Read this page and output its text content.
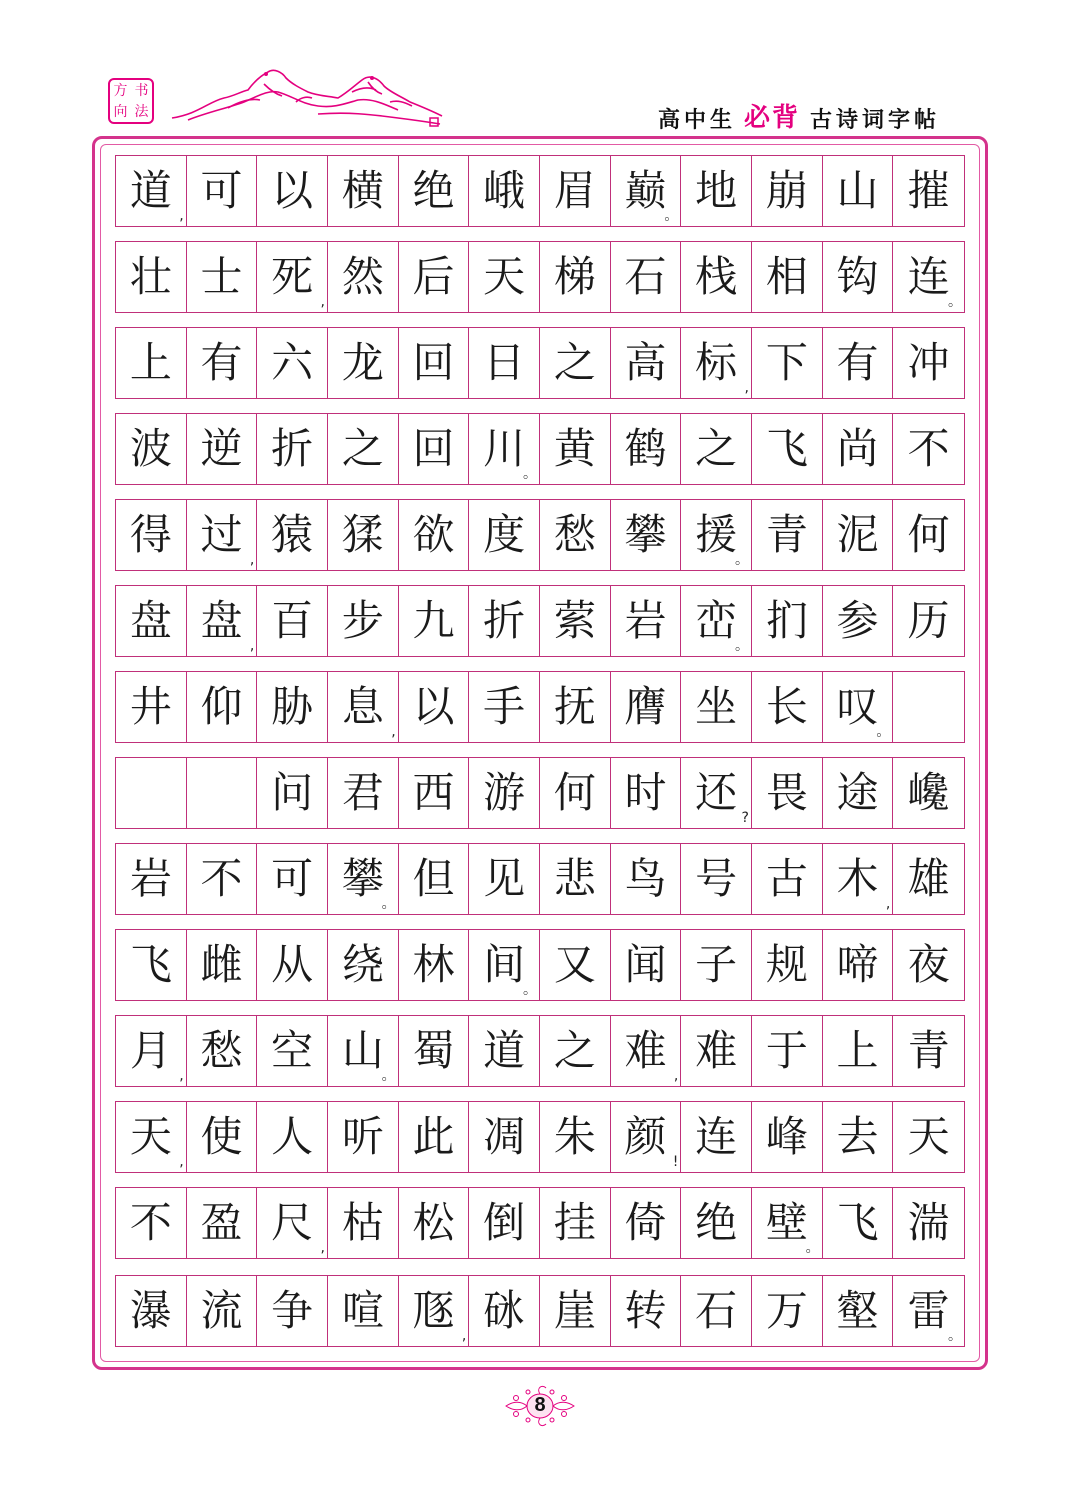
方 书
向 法	高中生 必背 古诗词字帖
道
,
可 以 横 绝 峨 眉 巅
。
地 崩 山 摧
壮 士 死
,
然 后 天 梯 石 栈 相 钩 连
。
上 有 六 龙 回 日 之 高 标
,
下 有 冲
波 逆 折 之 回 川
。
黄 鹤 之 飞 尚 不
得 过
,
猿 猱 欲 度 愁 攀 援
。
青 泥 何
盘 盘
,
百 步 九 折 萦 岩 峦
。
扪 参 历
井 仰 胁 息
,
以 手 抚 膺 坐 长 叹
。
问 君 西 游 何 时 还
?
畏 途 巉
岩 不 可 攀
。
但 见 悲 鸟 号 古 木
,
雄
飞 雌 从 绕 林 间
。
又 闻 子 规 啼 夜
月
,
愁 空 山
。
蜀 道 之 难
,
难 于 上 青
天
,
使 人 听 此 凋 朱 颜
!
连 峰 去 天
不 盈 尺
,
枯 松 倒 挂 倚 绝 壁
。
飞 湍
瀑 流 争 喧 豗
,
砯 崖 转 石 万 壑 雷
。
8
